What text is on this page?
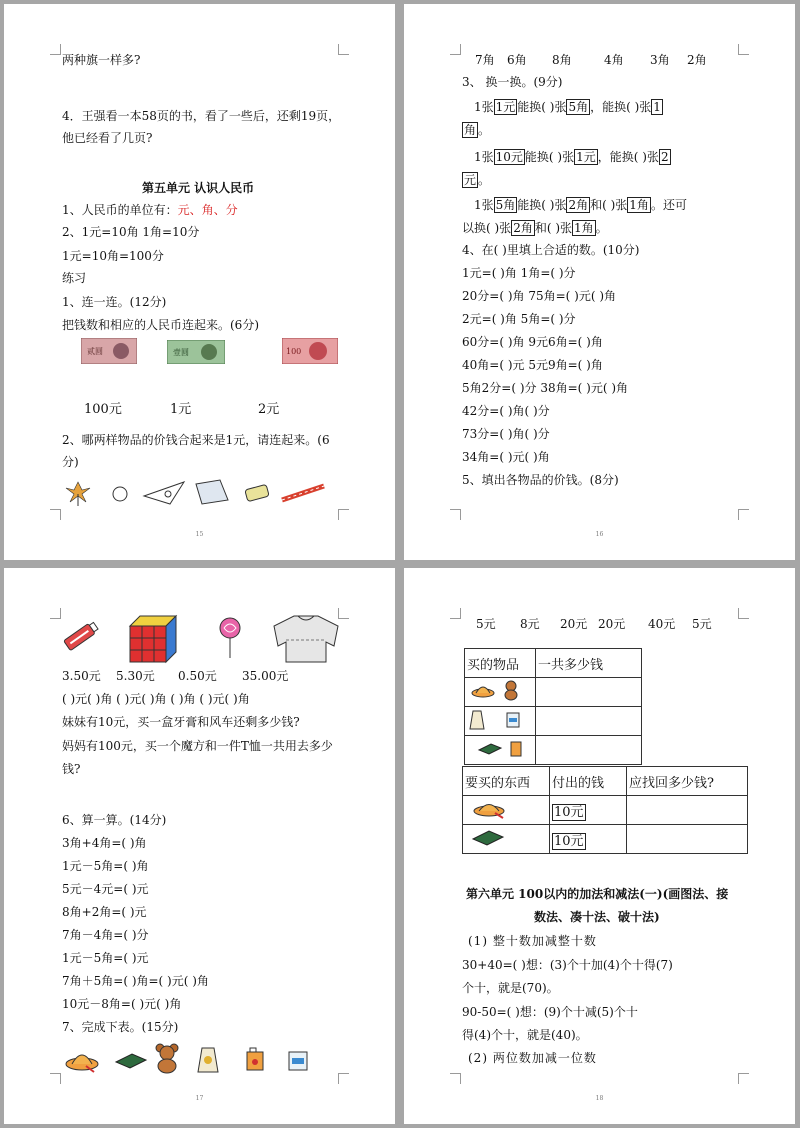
两种旗一样多?
4．王强看一本58页的书，看了一些后，还剩19页，
他已经看了几页?
第五单元 认识人民币
1、人民币的单位有：元、角、分
2、1元=10角 1角=10分
1元=10角=100分
练习
1、连一连。(12分)
把钱数和相应的人民币连起来。(6分)
贰圆	壹圆	100
100元	1元	2元
2、哪两样物品的价钱合起来是1元，请连起来。(6
分)
15
7角 6角 8角	4角 3角 2角
3、 换一换。(9分)
1张 1元 能换( )张 5角 ，能换( )张 1
角 。
1张 10元 能换( )张 1元 ，能换( )张 2
元 。
1张 5角 能换( )张 2角 和( )张 1角 。还可
以换( )张 2角 和( )张 1角 。
4、在( )里填上合适的数。(10分)
1元=( )角 1角=( )分
20分=( )角 75角=( )元( )角
2元=( )角 5角=( )分
60分=( )角 9元6角=( )角
40角=( )元 5元9角=( )角
5角2分=( )分 38角=( )元( )角
42分=( )角( )分
73分=( )角( )分
34角=( )元( )角
5、填出各物品的价钱。(8分)
16
3.50元 5.30元 0.50元 35.00元
( )元( )角 ( )元( )角 ( )角 ( )元( )角
妹妹有10元，买一盒牙膏和风车还剩多少钱?
妈妈有100元，买一个魔方和一件T恤一共用去多少
钱?
6、算一算。(14分)
3角+4角=( )角
1元－5角=( )角
5元－4元=( )元
8角+2角=( )元
7角－4角=( )分
1元－5角=( )元
7角＋5角=( )角=( )元( )角
10元－8角=( )元( )角
7、完成下表。(15分)
17
5元 8元 20元 20元 40元 5元
买的物品	一共多少钱

要买的东西	付出的钱	应找回多少钱?
	10元	
	10元	
第六单元 100以内的加法和减法(一)(画图法、接
数法、凑十法、破十法)
(1) 整十数加减整十数
30+40=( )想：(3)个十加(4)个十得(7)
个十，就是(70)。
90-50=( )想：(9)个十减(5)个十
得(4)个十，就是(40)。
(2) 两位数加减一位数
18
